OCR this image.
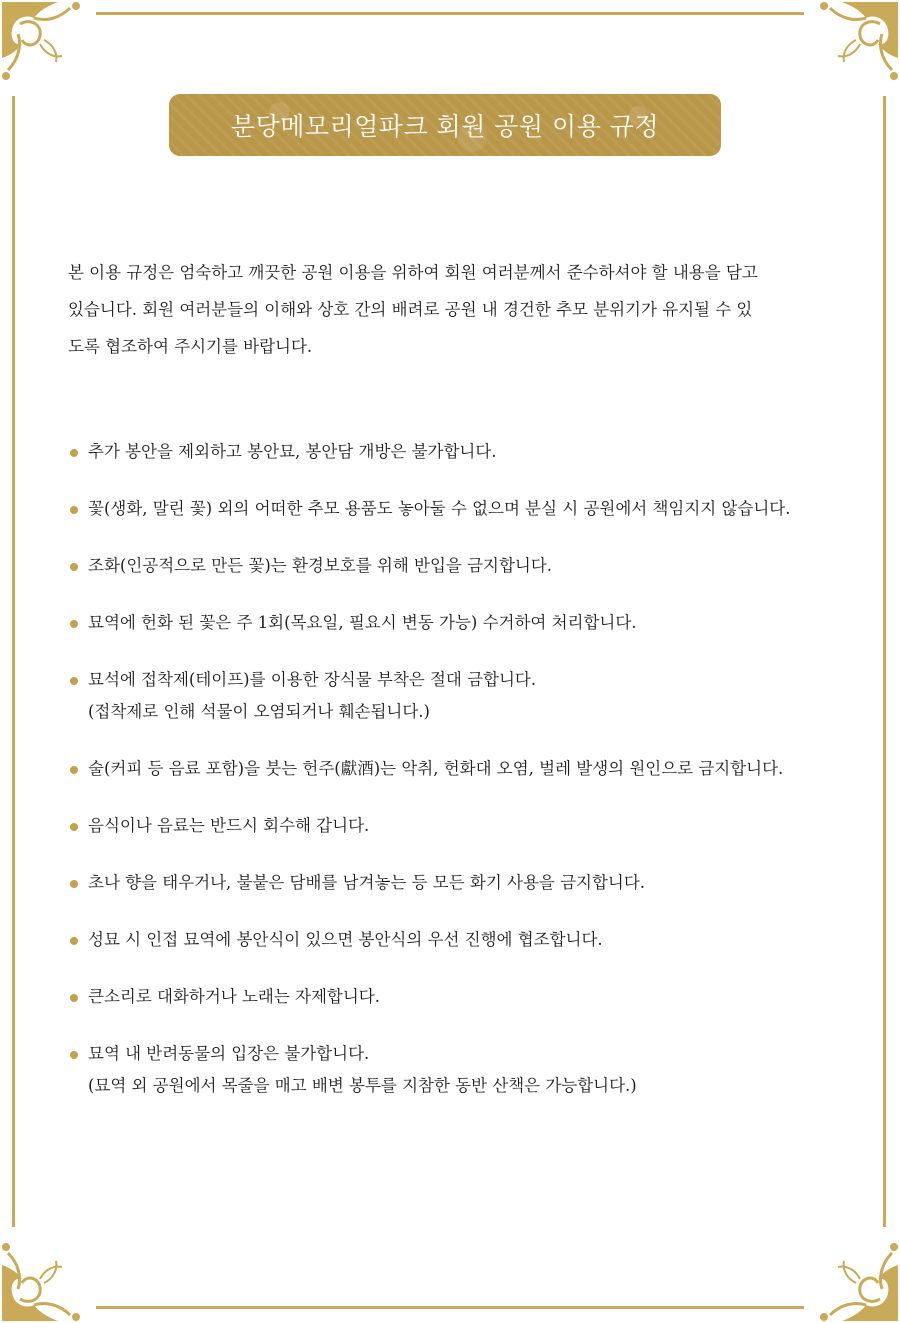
분당메모리얼파크 회원 공원 이용 규정

본 이용 규정은 엄숙하고 깨끗한 공원 이용을 위하여 회원 여러분께서 준수하셔야 할 내용을 담고
있습니다. 회원 여러분들의 이해와 상호 간의 배려로 공원 내 경건한 추모 분위기가 유지될 수 있
도록 협조하여 주시기를 바랍니다.

추가 봉안을 제외하고 봉안묘, 봉안담 개방은 불가합니다.
꽃(생화, 말린 꽃) 외의 어떠한 추모 용품도 놓아둘 수 없으며 분실 시 공원에서 책임지지 않습니다.
조화(인공적으로 만든 꽃)는 환경보호를 위해 반입을 금지합니다.
묘역에 헌화 된 꽃은 주 1회(목요일, 필요시 변동 가능) 수거하여 처리합니다.
묘석에 접착제(테이프)를 이용한 장식물 부착은 절대 금합니다.
(접착제로 인해 석물이 오염되거나 훼손됩니다.)
술(커피 등 음료 포함)을 붓는 헌주(獻酒)는 악취, 헌화대 오염, 벌레 발생의 원인으로 금지합니다.
음식이나 음료는 반드시 회수해 갑니다.
초나 향을 태우거나, 불붙은 담배를 남겨놓는 등 모든 화기 사용을 금지합니다.
성묘 시 인접 묘역에 봉안식이 있으면 봉안식의 우선 진행에 협조합니다.
큰소리로 대화하거나 노래는 자제합니다.
묘역 내 반려동물의 입장은 불가합니다.
(묘역 외 공원에서 목줄을 매고 배변 봉투를 지참한 동반 산책은 가능합니다.)
